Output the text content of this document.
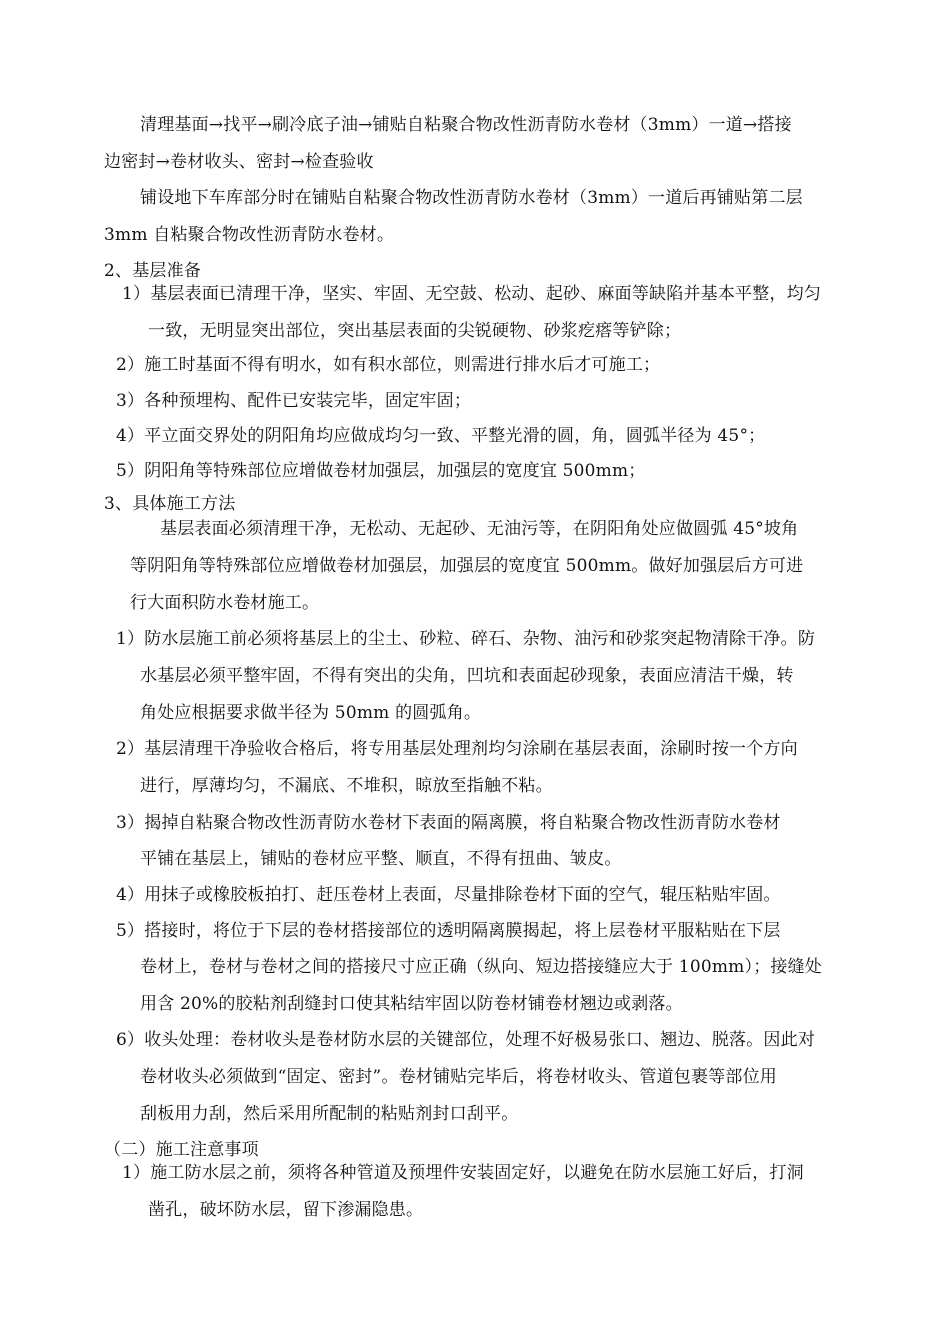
清理基面→找平→刷冷底子油→铺贴自粘聚合物改性沥青防水卷材（3mm）一道→搭接
边密封→卷材收头、密封→检查验收
铺设地下车库部分时在铺贴自粘聚合物改性沥青防水卷材（3mm）一道后再铺贴第二层
3mm 自粘聚合物改性沥青防水卷材。
2、基层准备
1）基层表面已清理干净，坚实、牢固、无空鼓、松动、起砂、麻面等缺陷并基本平整，均匀
一致，无明显突出部位，突出基层表面的尖锐硬物、砂浆疙瘩等铲除；
2）施工时基面不得有明水，如有积水部位，则需进行排水后才可施工；
3）各种预埋构、配件已安装完毕，固定牢固；
4）平立面交界处的阴阳角均应做成均匀一致、平整光滑的圆，角，圆弧半径为 45°；
5）阴阳角等特殊部位应增做卷材加强层，加强层的宽度宜 500mm；
3、具体施工方法
基层表面必须清理干净，无松动、无起砂、无油污等，在阴阳角处应做圆弧 45°坡角
等阴阳角等特殊部位应增做卷材加强层，加强层的宽度宜 500mm。做好加强层后方可进
行大面积防水卷材施工。
1）防水层施工前必须将基层上的尘土、砂粒、碎石、杂物、油污和砂浆突起物清除干净。防
水基层必须平整牢固，不得有突出的尖角，凹坑和表面起砂现象，表面应清洁干燥，转
角处应根据要求做半径为 50mm 的圆弧角。
2）基层清理干净验收合格后，将专用基层处理剂均匀涂刷在基层表面，涂刷时按一个方向
进行，厚薄均匀，不漏底、不堆积，晾放至指触不粘。
3）揭掉自粘聚合物改性沥青防水卷材下表面的隔离膜，将自粘聚合物改性沥青防水卷材
平铺在基层上，铺贴的卷材应平整、顺直，不得有扭曲、皱皮。
4）用抹子或橡胶板拍打、赶压卷材上表面，尽量排除卷材下面的空气，辊压粘贴牢固。
5）搭接时，将位于下层的卷材搭接部位的透明隔离膜揭起，将上层卷材平服粘贴在下层
卷材上，卷材与卷材之间的搭接尺寸应正确（纵向、短边搭接缝应大于 100mm）；接缝处
用含 20%的胶粘剂刮缝封口使其粘结牢固以防卷材铺卷材翘边或剥落。
6）收头处理：卷材收头是卷材防水层的关键部位，处理不好极易张口、翘边、脱落。因此对
卷材收头必须做到“固定、密封”。卷材铺贴完毕后，将卷材收头、管道包裹等部位用
刮板用力刮，然后采用所配制的粘贴剂封口刮平。
（二）施工注意事项
1）施工防水层之前，须将各种管道及预埋件安装固定好，以避免在防水层施工好后，打洞
凿孔，破坏防水层，留下渗漏隐患。
